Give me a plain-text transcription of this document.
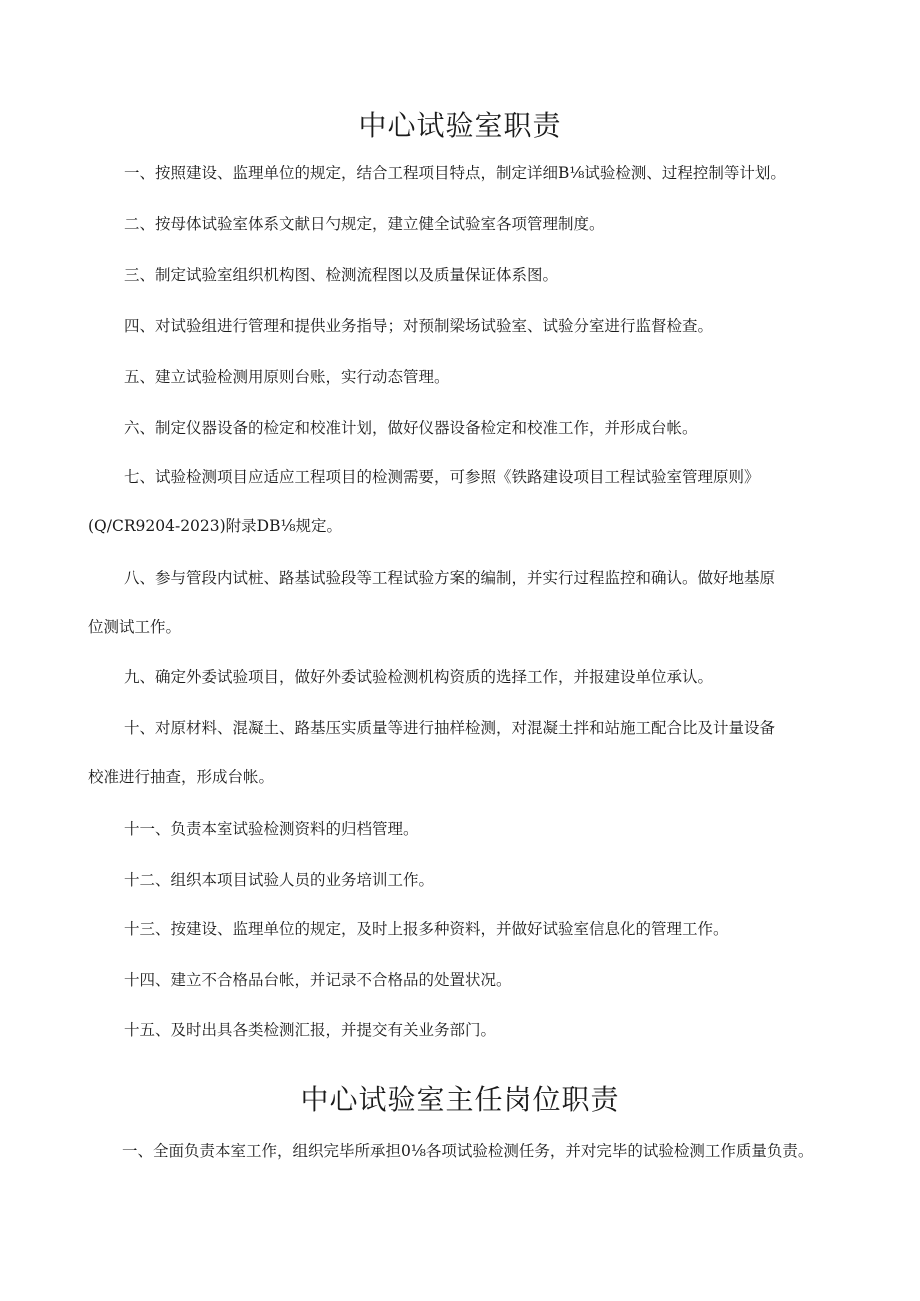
中心试验室职责

一、按照建设、监理单位的规定，结合工程项目特点，制定详细B⅛试验检测、过程控制等计划。

二、按母体试验室体系文献日勺规定，建立健全试验室各项管理制度。

三、制定试验室组织机构图、检测流程图以及质量保证体系图。

四、对试验组进行管理和提供业务指导；对预制梁场试验室、试验分室进行监督检查。

五、建立试验检测用原则台账，实行动态管理。

六、制定仪器设备的检定和校准计划，做好仪器设备检定和校准工作，并形成台帐。

七、试验检测项目应适应工程项目的检测需要，可参照《铁路建设项目工程试验室管理原则》

(Q/CR9204-2023)附录DB⅛规定。

八、参与管段内试桩、路基试验段等工程试验方案的编制，并实行过程监控和确认。做好地基原

位测试工作。

九、确定外委试验项目，做好外委试验检测机构资质的选择工作，并报建设单位承认。

十、对原材料、混凝土、路基压实质量等进行抽样检测，对混凝土拌和站施工配合比及计量设备

校准进行抽查，形成台帐。

十一、负责本室试验检测资料的归档管理。

十二、组织本项目试验人员的业务培训工作。

十三、按建设、监理单位的规定，及时上报多种资料，并做好试验室信息化的管理工作。

十四、建立不合格品台帐，并记录不合格品的处置状况。

十五、及时出具各类检测汇报，并提交有关业务部门。

中心试验室主任岗位职责

一、全面负责本室工作，组织完毕所承担0⅛各项试验检测任务，并对完毕的试验检测工作质量负责。
